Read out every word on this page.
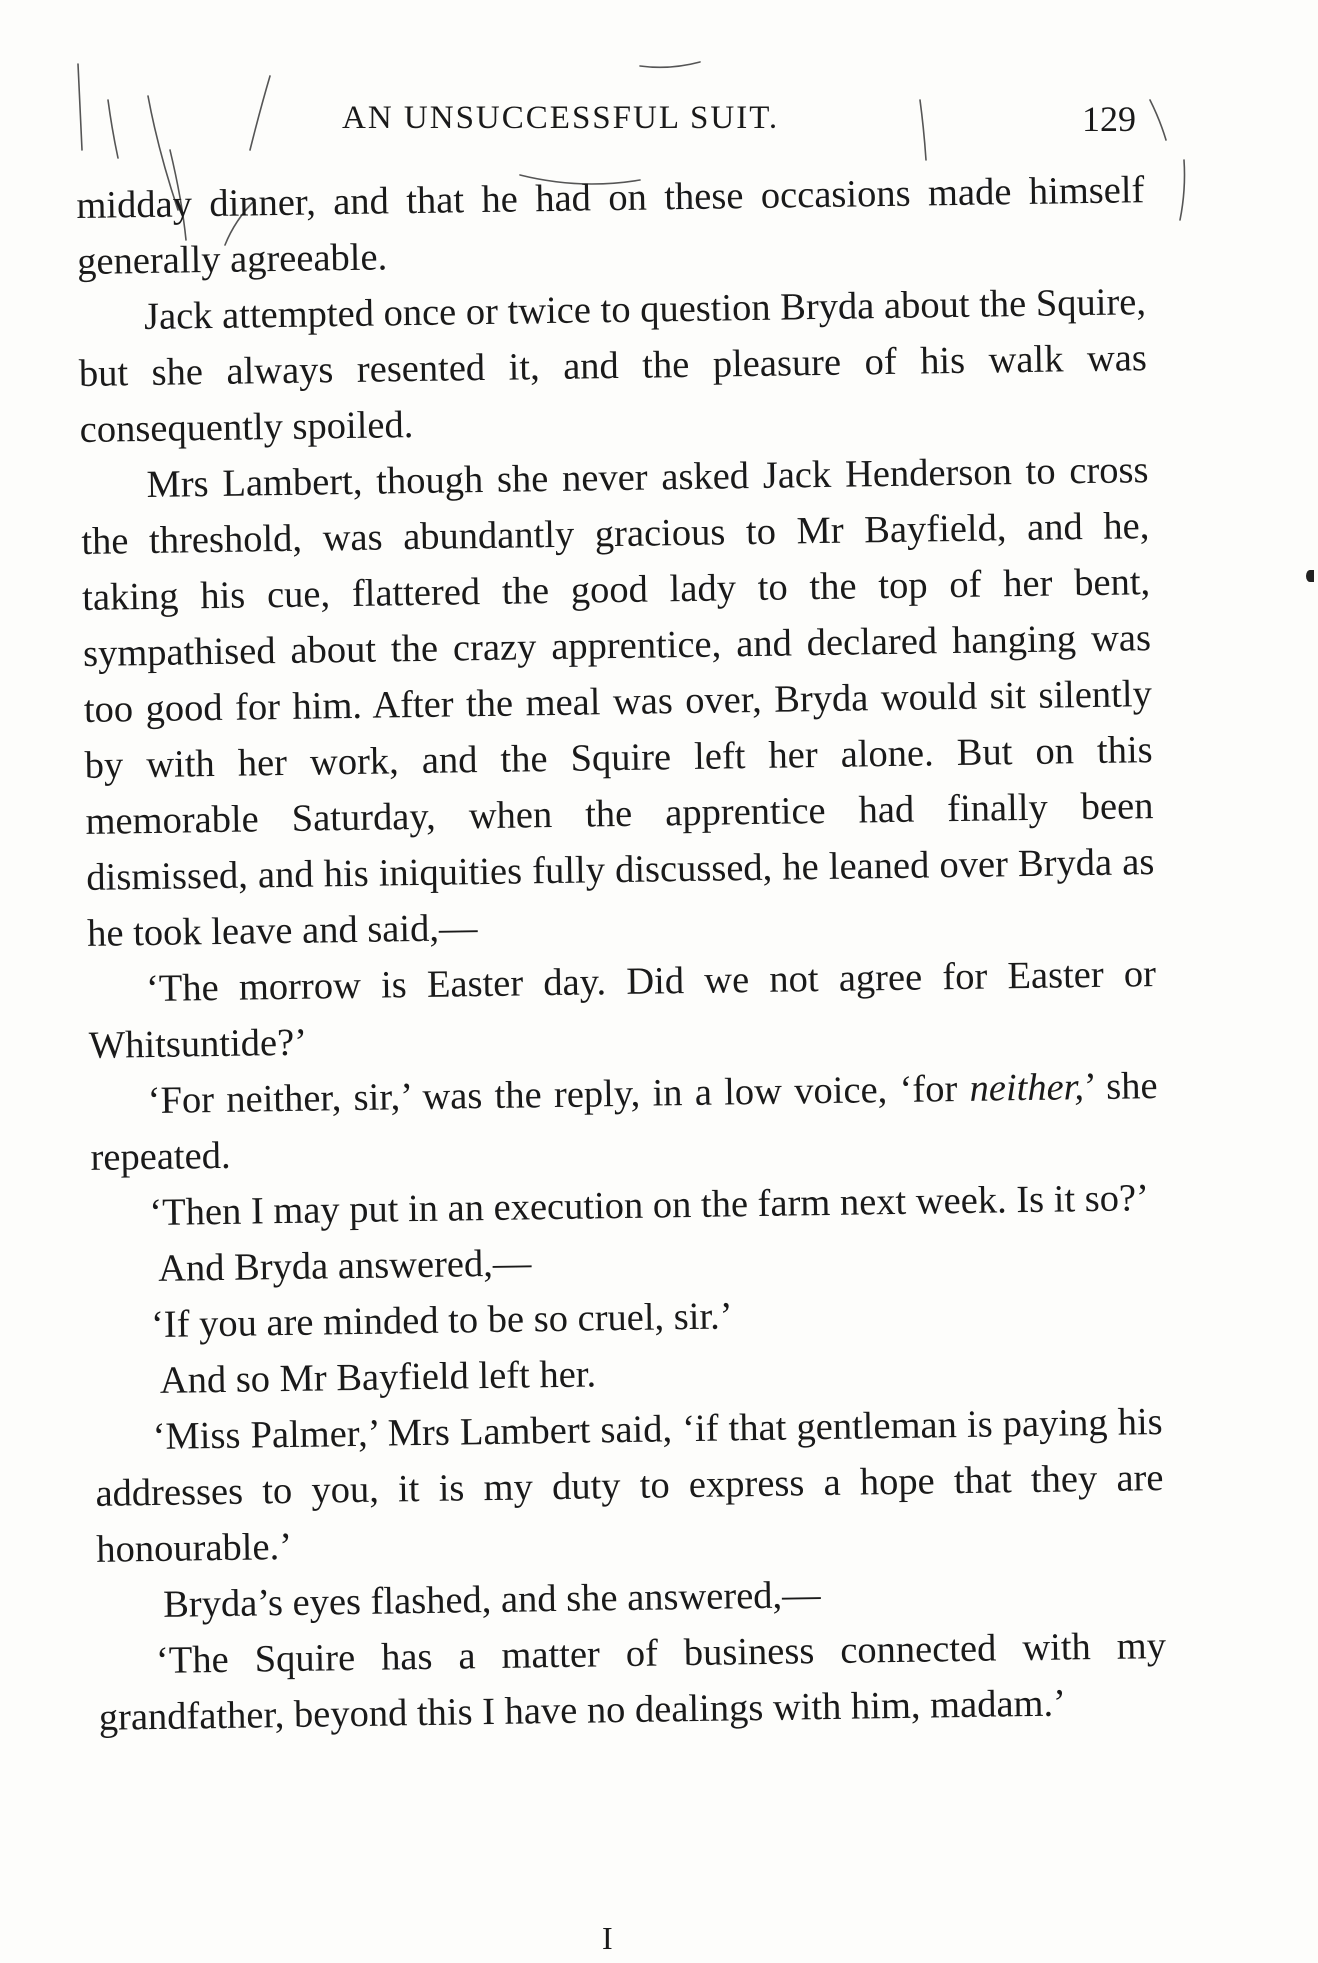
AN UNSUCCESSFUL SUIT.	129

midday dinner, and that he had on these occasions made himself generally agreeable.

Jack attempted once or twice to question Bryda about the Squire, but she always resented it, and the pleasure of his walk was consequently spoiled.

Mrs Lambert, though she never asked Jack Henderson to cross the threshold, was abundantly gracious to Mr Bayfield, and he, taking his cue, flattered the good lady to the top of her bent, sympathised about the crazy apprentice, and declared hanging was too good for him. After the meal was over, Bryda would sit silently by with her work, and the Squire left her alone. But on this memorable Saturday, when the apprentice had finally been dismissed, and his iniquities fully discussed, he leaned over Bryda as he took leave and said,—

‘The morrow is Easter day. Did we not agree for Easter or Whitsuntide?’

‘For neither, sir,’ was the reply, in a low voice, ‘for neither,’ she repeated.

‘Then I may put in an execution on the farm next week. Is it so?’

And Bryda answered,—

‘If you are minded to be so cruel, sir.’

And so Mr Bayfield left her.

‘Miss Palmer,’ Mrs Lambert said, ‘if that gentleman is paying his addresses to you, it is my duty to express a hope that they are honourable.’

Bryda’s eyes flashed, and she answered,—

‘The Squire has a matter of business connected with my grandfather, beyond this I have no dealings with him, madam.’

I
